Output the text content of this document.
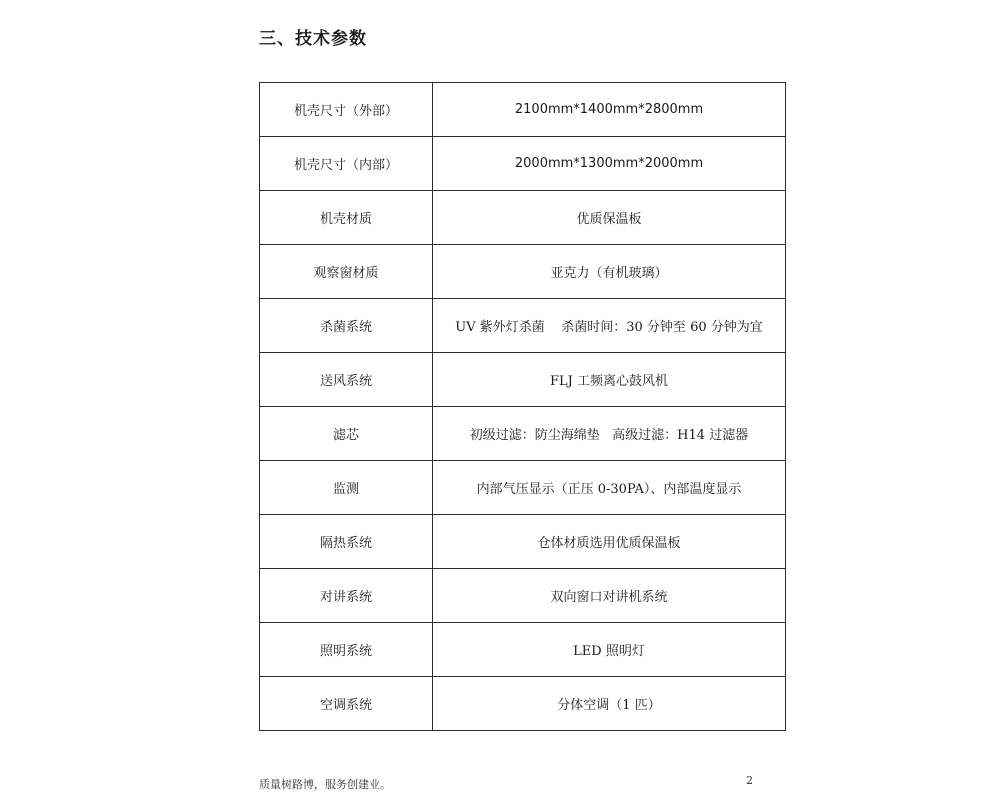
三、技术参数
机壳尺寸（外部）	2100mm*1400mm*2800mm
机壳尺寸（内部）	2000mm*1300mm*2000mm
机壳材质	优质保温板
观察窗材质	亚克力（有机玻璃）
杀菌系统	UV 紫外灯杀菌    杀菌时间：30 分钟至 60 分钟为宜
送风系统	FLJ 工频离心鼓风机
滤芯	初级过滤：防尘海绵垫   高级过滤：H14 过滤器
监测	内部气压显示（正压 0-30PA）、内部温度显示
隔热系统	仓体材质选用优质保温板
对讲系统	双向窗口对讲机系统
照明系统	LED 照明灯
空调系统	分体空调（1 匹）
质量树路博，服务创建业。	2
